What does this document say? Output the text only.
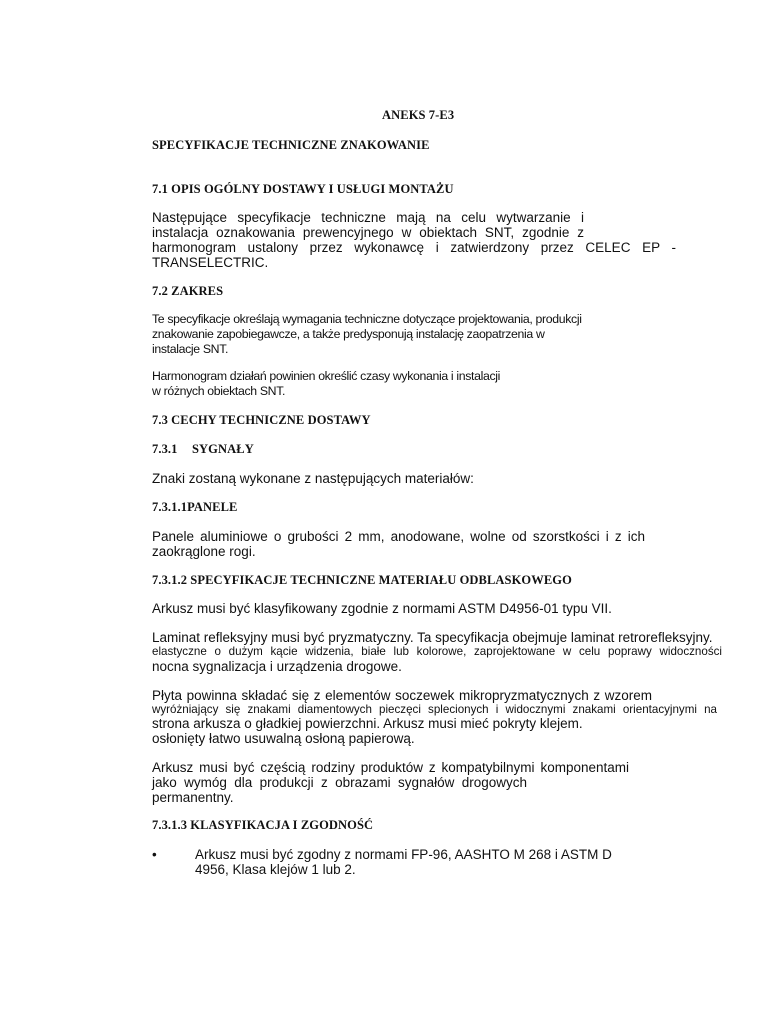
ANEKS 7-E3
SPECYFIKACJE TECHNICZNE ZNAKOWANIE
7.1 OPIS OGÓLNY DOSTAWY I USŁUGI MONTAŻU
Następujące specyfikacje techniczne mają na celu wytwarzanie i
instalacja oznakowania prewencyjnego w obiektach SNT, zgodnie z
harmonogram ustalony przez wykonawcę i zatwierdzony przez CELEC EP -
TRANSELECTRIC.
7.2 ZAKRES
Te specyfikacje określają wymagania techniczne dotyczące projektowania, produkcji
znakowanie zapobiegawcze, a także predysponują instalację zaopatrzenia w
instalacje SNT.
Harmonogram działań powinien określić czasy wykonania i instalacji
w różnych obiektach SNT.
7.3 CECHY TECHNICZNE DOSTAWY
7.3.1 SYGNAŁY
Znaki zostaną wykonane z następujących materiałów:
7.3.1.1PANELE
Panele aluminiowe o grubości 2 mm, anodowane, wolne od szorstkości i z ich
zaokrąglone rogi.
7.3.1.2 SPECYFIKACJE TECHNICZNE MATERIAŁU ODBLASKOWEGO
Arkusz musi być klasyfikowany zgodnie z normami ASTM D4956-01 typu VII.
Laminat refleksyjny musi być pryzmatyczny. Ta specyfikacja obejmuje laminat retrorefleksyjny.
elastyczne o dużym kącie widzenia, białe lub kolorowe, zaprojektowane w celu poprawy widoczności
nocna sygnalizacja i urządzenia drogowe.
Płyta powinna składać się z elementów soczewek mikropryzmatycznych z wzorem
wyróżniający się znakami diamentowych pieczęci splecionych i widocznymi znakami orientacyjnymi na
strona arkusza o gładkiej powierzchni. Arkusz musi mieć pokryty klejem.
osłonięty łatwo usuwalną osłoną papierową.
Arkusz musi być częścią rodziny produktów z kompatybilnymi komponentami
jako wymóg dla produkcji z obrazami sygnałów drogowych
permanentny.
7.3.1.3 KLASYFIKACJA I ZGODNOŚĆ
•	Arkusz musi być zgodny z normami FP-96, AASHTO M 268 i ASTM D
4956, Klasa klejów 1 lub 2.
